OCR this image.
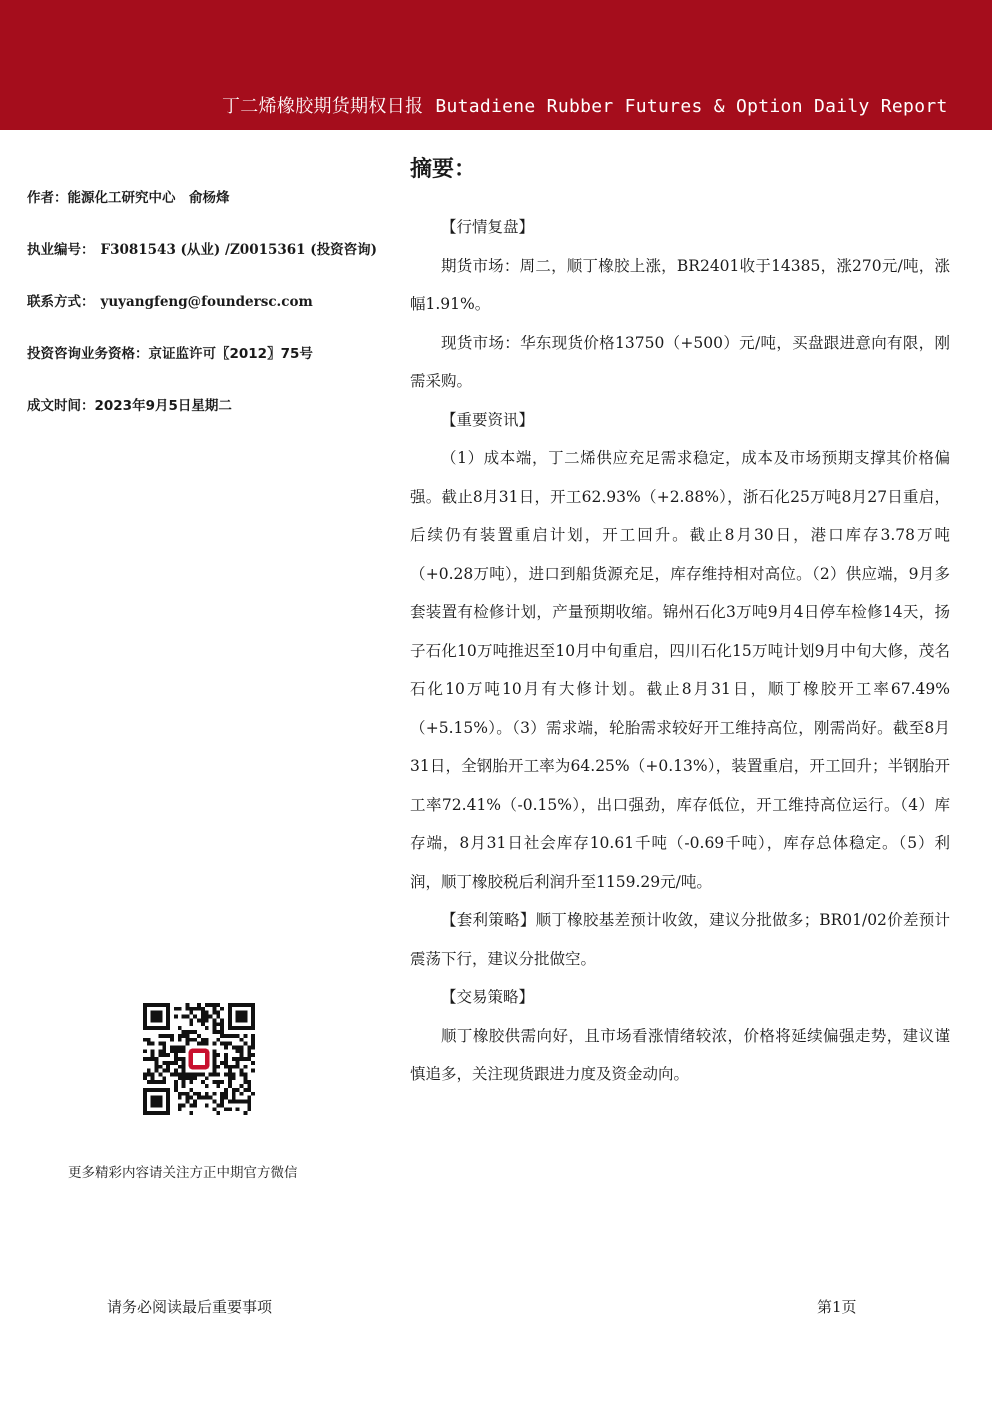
丁二烯橡胶期货期权日报 Butadiene Rubber Futures & Option Daily Report
作者：能源化工研究中心　俞杨烽
执业编号： F3081543 (从业) /Z0015361 (投资咨询)
联系方式： yuyangfeng@foundersc.com
投资咨询业务资格：京证监许可〖2012〗75号
成文时间：2023年9月5日星期二
更多精彩内容请关注方正中期官方微信
摘要：

【行情复盘】

期货市场：周二，顺丁橡胶上涨，BR2401收于14385，涨270元/吨，涨幅1.91%。

现货市场：华东现货价格13750（+500）元/吨，买盘跟进意向有限，刚需采购。

【重要资讯】

（1）成本端，丁二烯供应充足需求稳定，成本及市场预期支撑其价格偏强。截止8月31日，开工62.93%（+2.88%），浙石化25万吨8月27日重启，后续仍有装置重启计划，开工回升。截止8月30日，港口库存3.78万吨（+0.28万吨），进口到船货源充足，库存维持相对高位。（2）供应端，9月多套装置有检修计划，产量预期收缩。锦州石化3万吨9月4日停车检修14天，扬子石化10万吨推迟至10月中旬重启，四川石化15万吨计划9月中旬大修，茂名石化10万吨10月有大修计划。截止8月31日，顺丁橡胶开工率67.49%（+5.15%）。（3）需求端，轮胎需求较好开工维持高位，刚需尚好。截至8月31日，全钢胎开工率为64.25%（+0.13%），装置重启，开工回升；半钢胎开工率72.41%（-0.15%），出口强劲，库存低位，开工维持高位运行。（4）库存端，8月31日社会库存10.61千吨（-0.69千吨），库存总体稳定。（5）利润，顺丁橡胶税后利润升至1159.29元/吨。

【套利策略】顺丁橡胶基差预计收敛，建议分批做多；BR01/02价差预计震荡下行，建议分批做空。

【交易策略】

顺丁橡胶供需向好，且市场看涨情绪较浓，价格将延续偏强走势，建议谨慎追多，关注现货跟进力度及资金动向。

请务必阅读最后重要事项	第1页
